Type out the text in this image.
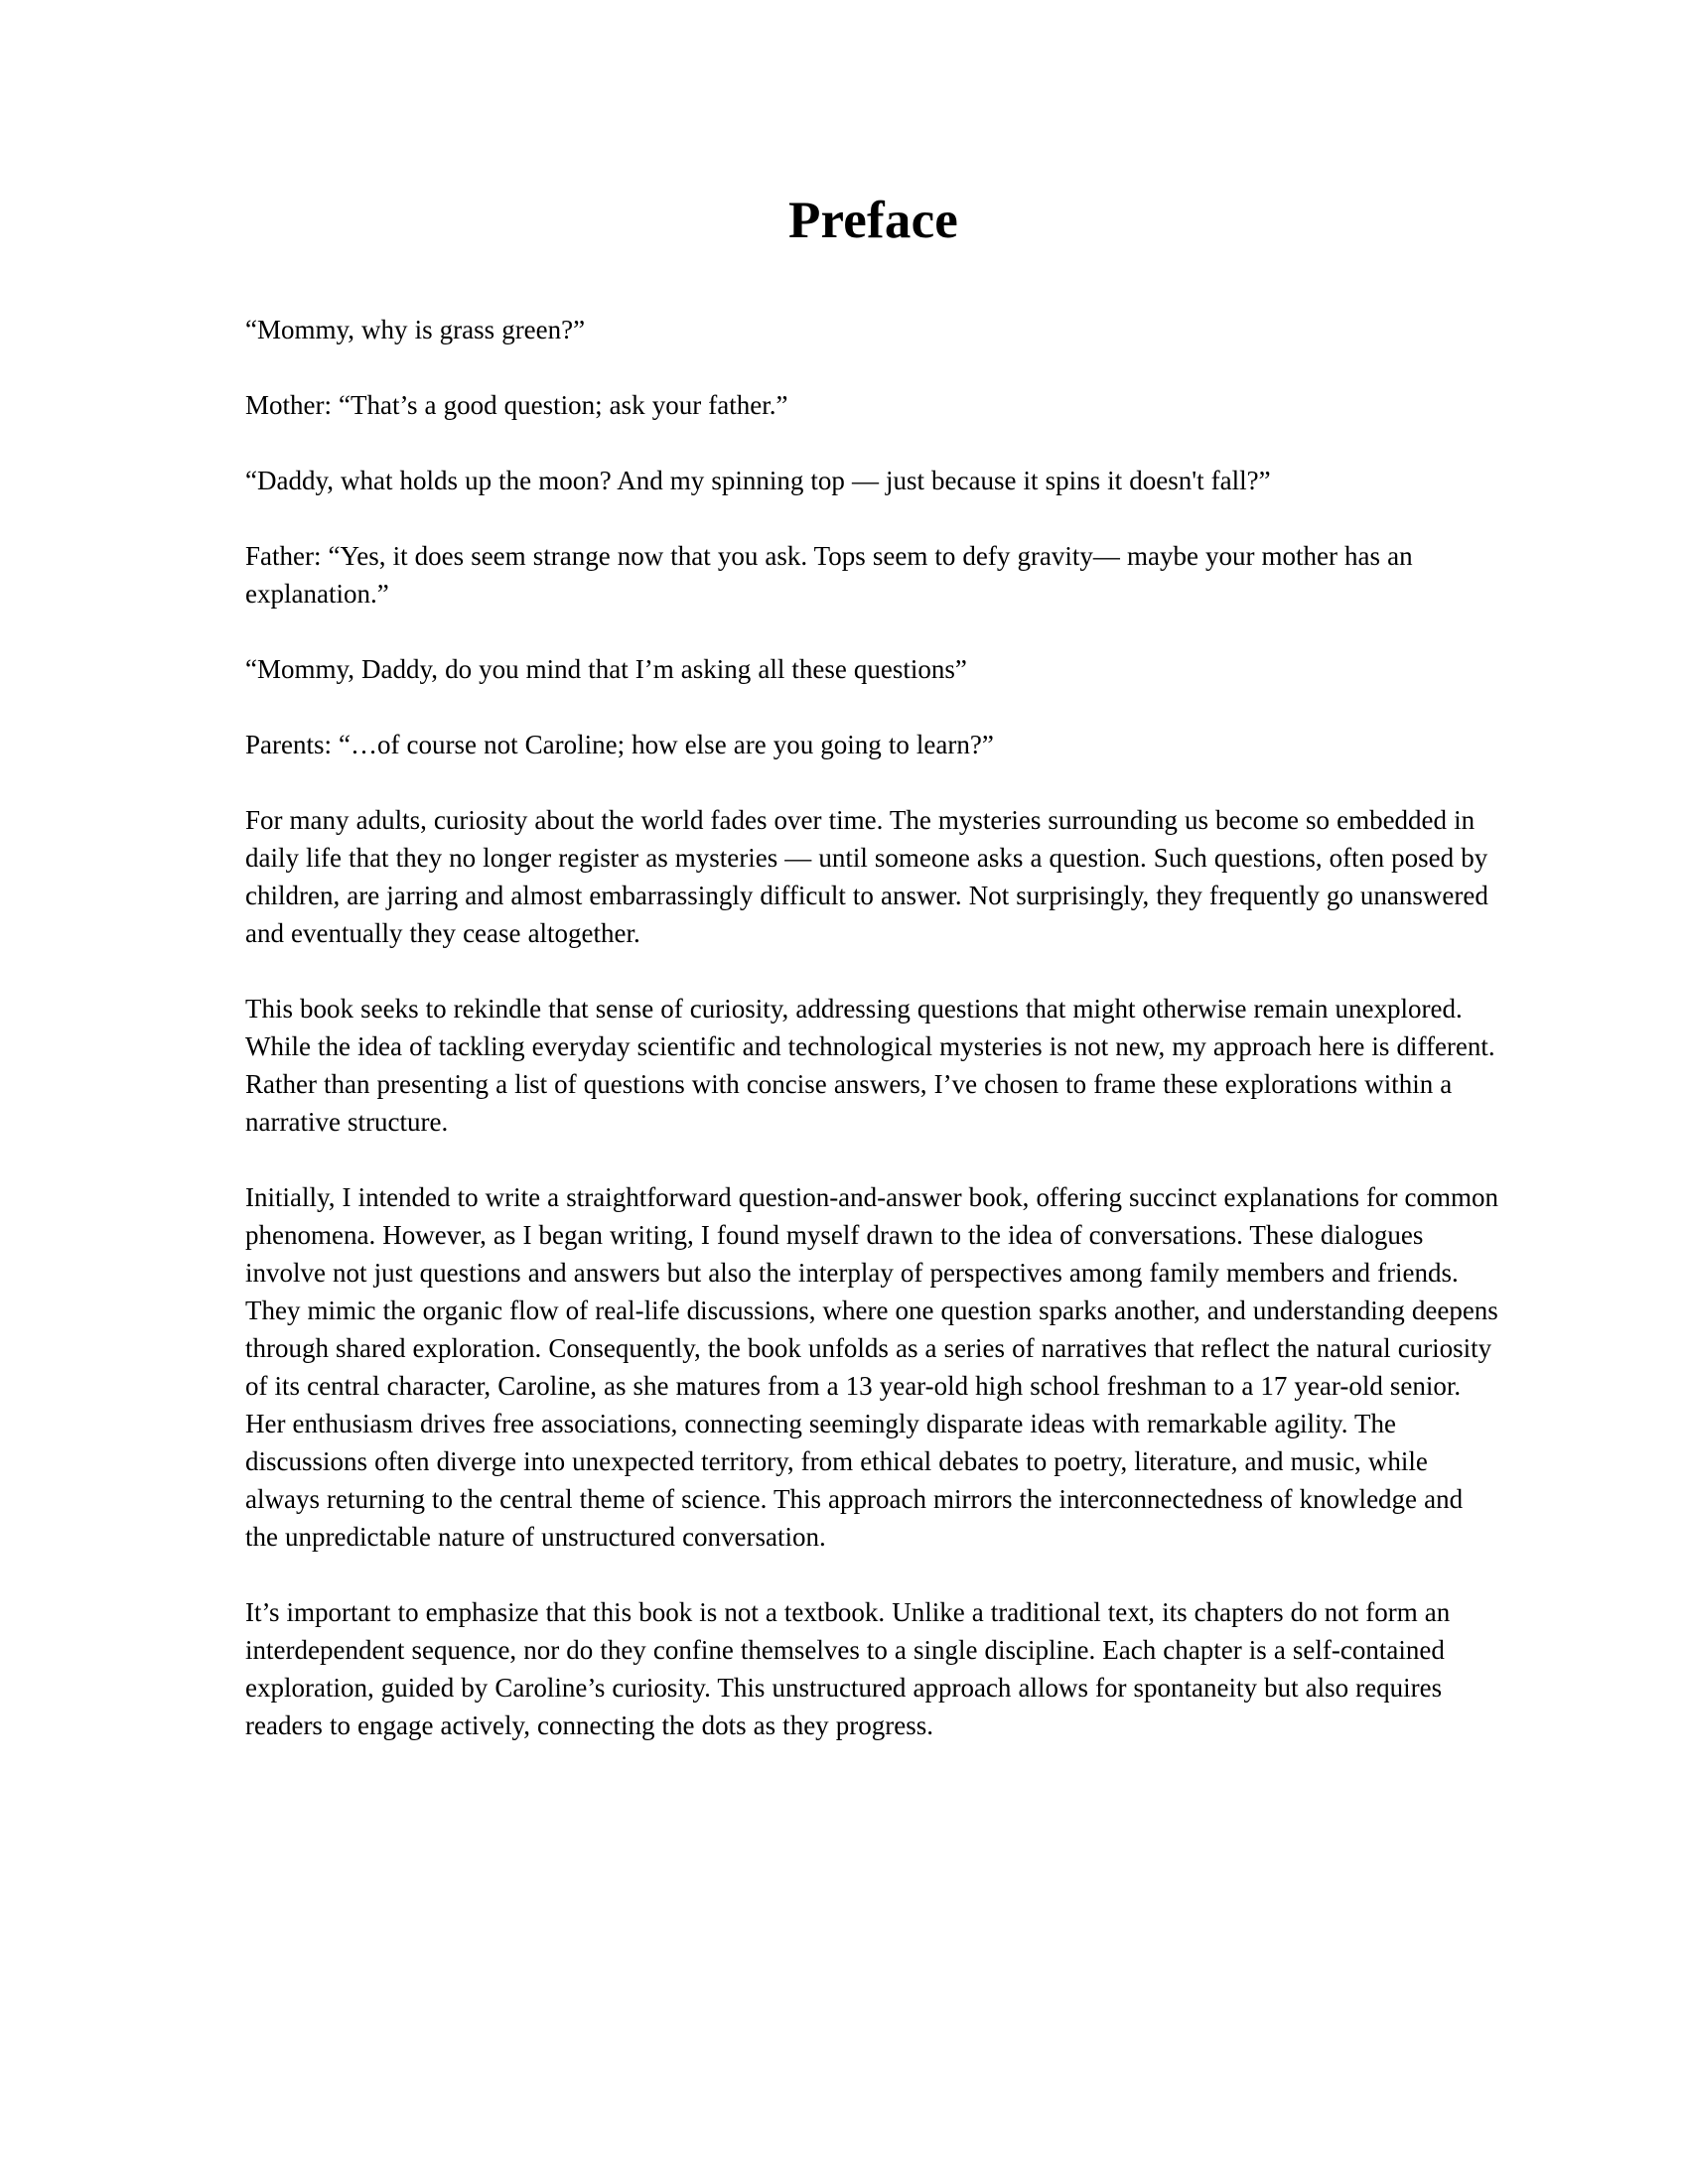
Preface

“Mommy, why is grass green?”

Mother: “That’s a good question; ask your father.”

“Daddy, what holds up the moon? And my spinning top — just because it spins it doesn't fall?”

Father: “Yes, it does seem strange now that you ask. Tops seem to defy gravity— maybe your mother has an explanation.”

“Mommy, Daddy, do you mind that I’m asking all these questions”

Parents: “…of course not Caroline; how else are you going to learn?”

For many adults, curiosity about the world fades over time. The mysteries surrounding us become so embedded in daily life that they no longer register as mysteries — until someone asks a question. Such questions, often posed by children, are jarring and almost embarrassingly difficult to answer. Not surprisingly, they frequently go unanswered and eventually they cease altogether.

This book seeks to rekindle that sense of curiosity, addressing questions that might otherwise remain unexplored. While the idea of tackling everyday scientific and technological mysteries is not new, my approach here is different. Rather than presenting a list of questions with concise answers, I’ve chosen to frame these explorations within a narrative structure.

Initially, I intended to write a straightforward question-and-answer book, offering succinct explanations for common phenomena. However, as I began writing, I found myself drawn to the idea of conversations. These dialogues involve not just questions and answers but also the interplay of perspectives among family members and friends. They mimic the organic flow of real-life discussions, where one question sparks another, and understanding deepens through shared exploration. Consequently, the book unfolds as a series of narratives that reflect the natural curiosity of its central character, Caroline, as she matures from a 13 year-old high school freshman to a 17 year-old senior. Her enthusiasm drives free associations, connecting seemingly disparate ideas with remarkable agility. The discussions often diverge into unexpected territory, from ethical debates to poetry, literature, and music, while always returning to the central theme of science. This approach mirrors the interconnectedness of knowledge and the unpredictable nature of unstructured conversation.

It’s important to emphasize that this book is not a textbook. Unlike a traditional text, its chapters do not form an interdependent sequence, nor do they confine themselves to a single discipline. Each chapter is a self-contained exploration, guided by Caroline’s curiosity. This unstructured approach allows for spontaneity but also requires readers to engage actively, connecting the dots as they progress.
